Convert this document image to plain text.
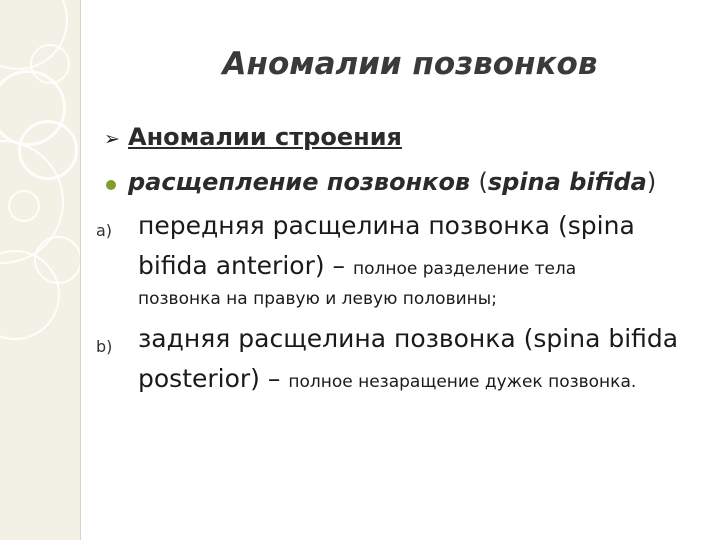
Аномалии позвонков
➢ Аномалии строения
расщепление позвонков (spina bifida)
a) передняя расщелина позвонка (spina
bifida anterior) – полное разделение тела
позвонка на правую и левую половины;
b) задняя расщелина позвонка (spina bifida
posterior) – полное незаращение дужек позвонка.
